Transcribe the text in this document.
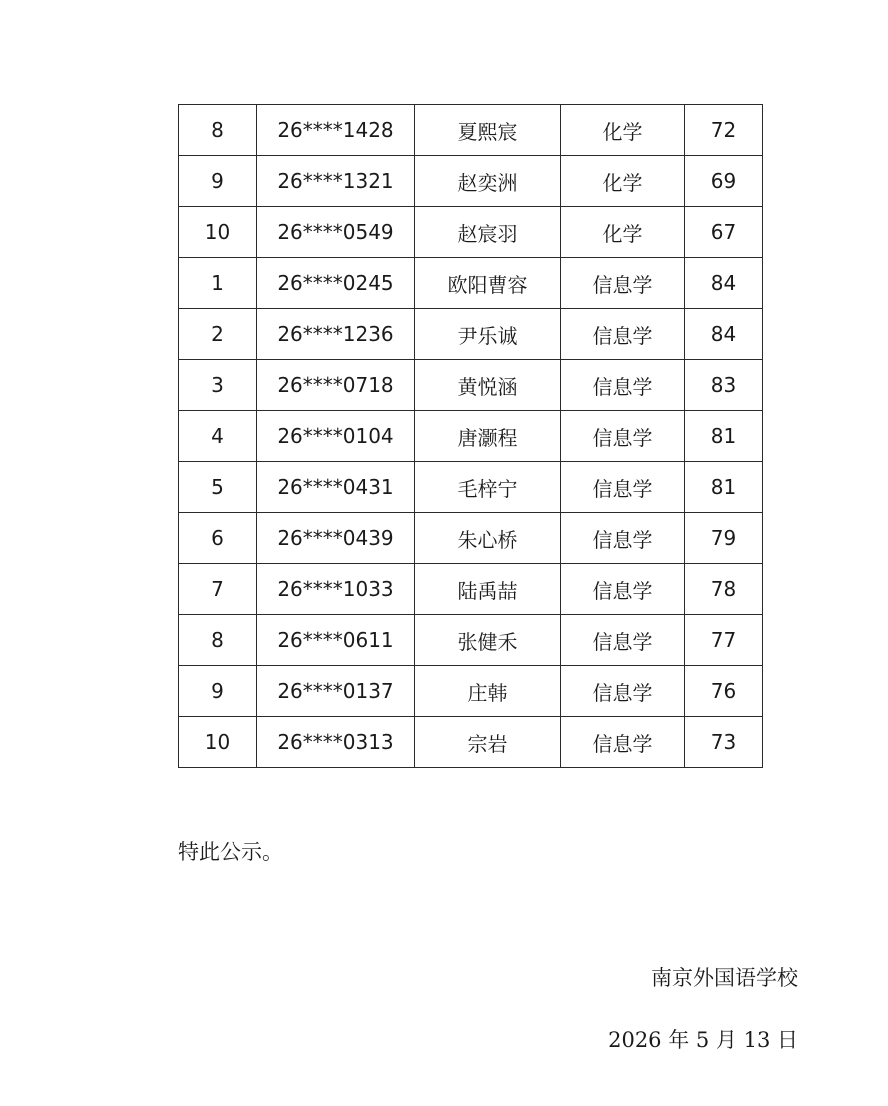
8	26****1428	夏熙宸	化学	72
9	26****1321	赵奕洲	化学	69
10	26****0549	赵宸羽	化学	67
1	26****0245	欧阳曹容	信息学	84
2	26****1236	尹乐诚	信息学	84
3	26****0718	黄悦涵	信息学	83
4	26****0104	唐灏程	信息学	81
5	26****0431	毛梓宁	信息学	81
6	26****0439	朱心桥	信息学	79
7	26****1033	陆禹喆	信息学	78
8	26****0611	张健禾	信息学	77
9	26****0137	庄韩	信息学	76
10	26****0313	宗岩	信息学	73
特此公示。
南京外国语学校
2026 年 5 月 13 日
